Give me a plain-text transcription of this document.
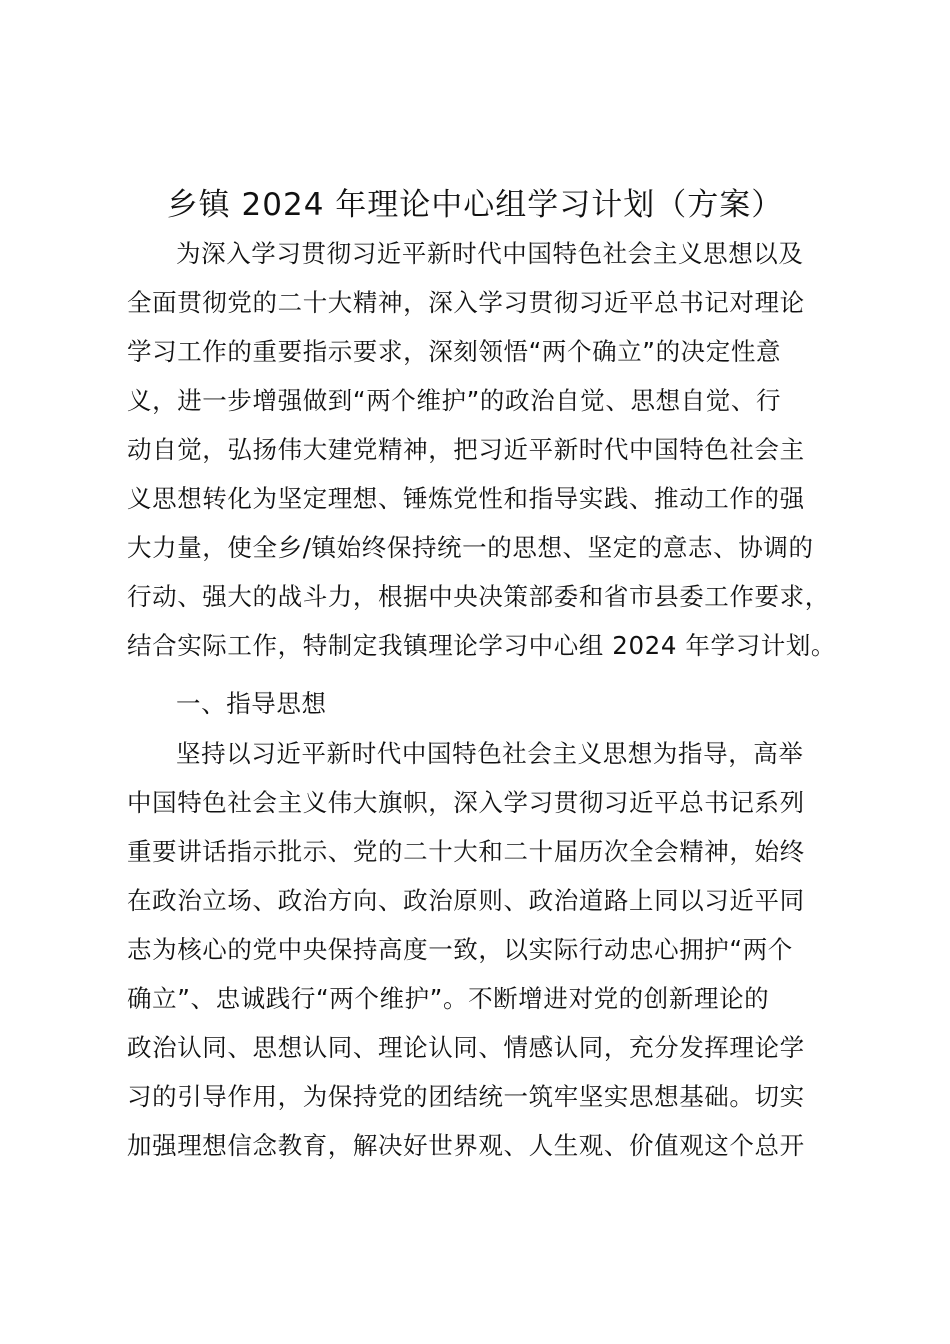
乡镇 2024 年理论中心组学习计划（方案）
为深入学习贯彻习近平新时代中国特色社会主义思想以及
全面贯彻党的二十大精神，深入学习贯彻习近平总书记对理论
学习工作的重要指示要求，深刻领悟“两个确立”的决定性意
义，进一步增强做到“两个维护”的政治自觉、思想自觉、行
动自觉，弘扬伟大建党精神，把习近平新时代中国特色社会主
义思想转化为坚定理想、锤炼党性和指导实践、推动工作的强
大力量，使全乡/镇始终保持统一的思想、坚定的意志、协调的
行动、强大的战斗力，根据中央决策部委和省市县委工作要求，
结合实际工作，特制定我镇理论学习中心组 2024 年学习计划。
一、指导思想
坚持以习近平新时代中国特色社会主义思想为指导，高举
中国特色社会主义伟大旗帜，深入学习贯彻习近平总书记系列
重要讲话指示批示、党的二十大和二十届历次全会精神，始终
在政治立场、政治方向、政治原则、政治道路上同以习近平同
志为核心的党中央保持高度一致，以实际行动忠心拥护“两个
确立”、忠诚践行“两个维护”。不断增进对党的创新理论的
政治认同、思想认同、理论认同、情感认同，充分发挥理论学
习的引导作用，为保持党的团结统一筑牢坚实思想基础。切实
加强理想信念教育，解决好世界观、人生观、价值观这个总开
